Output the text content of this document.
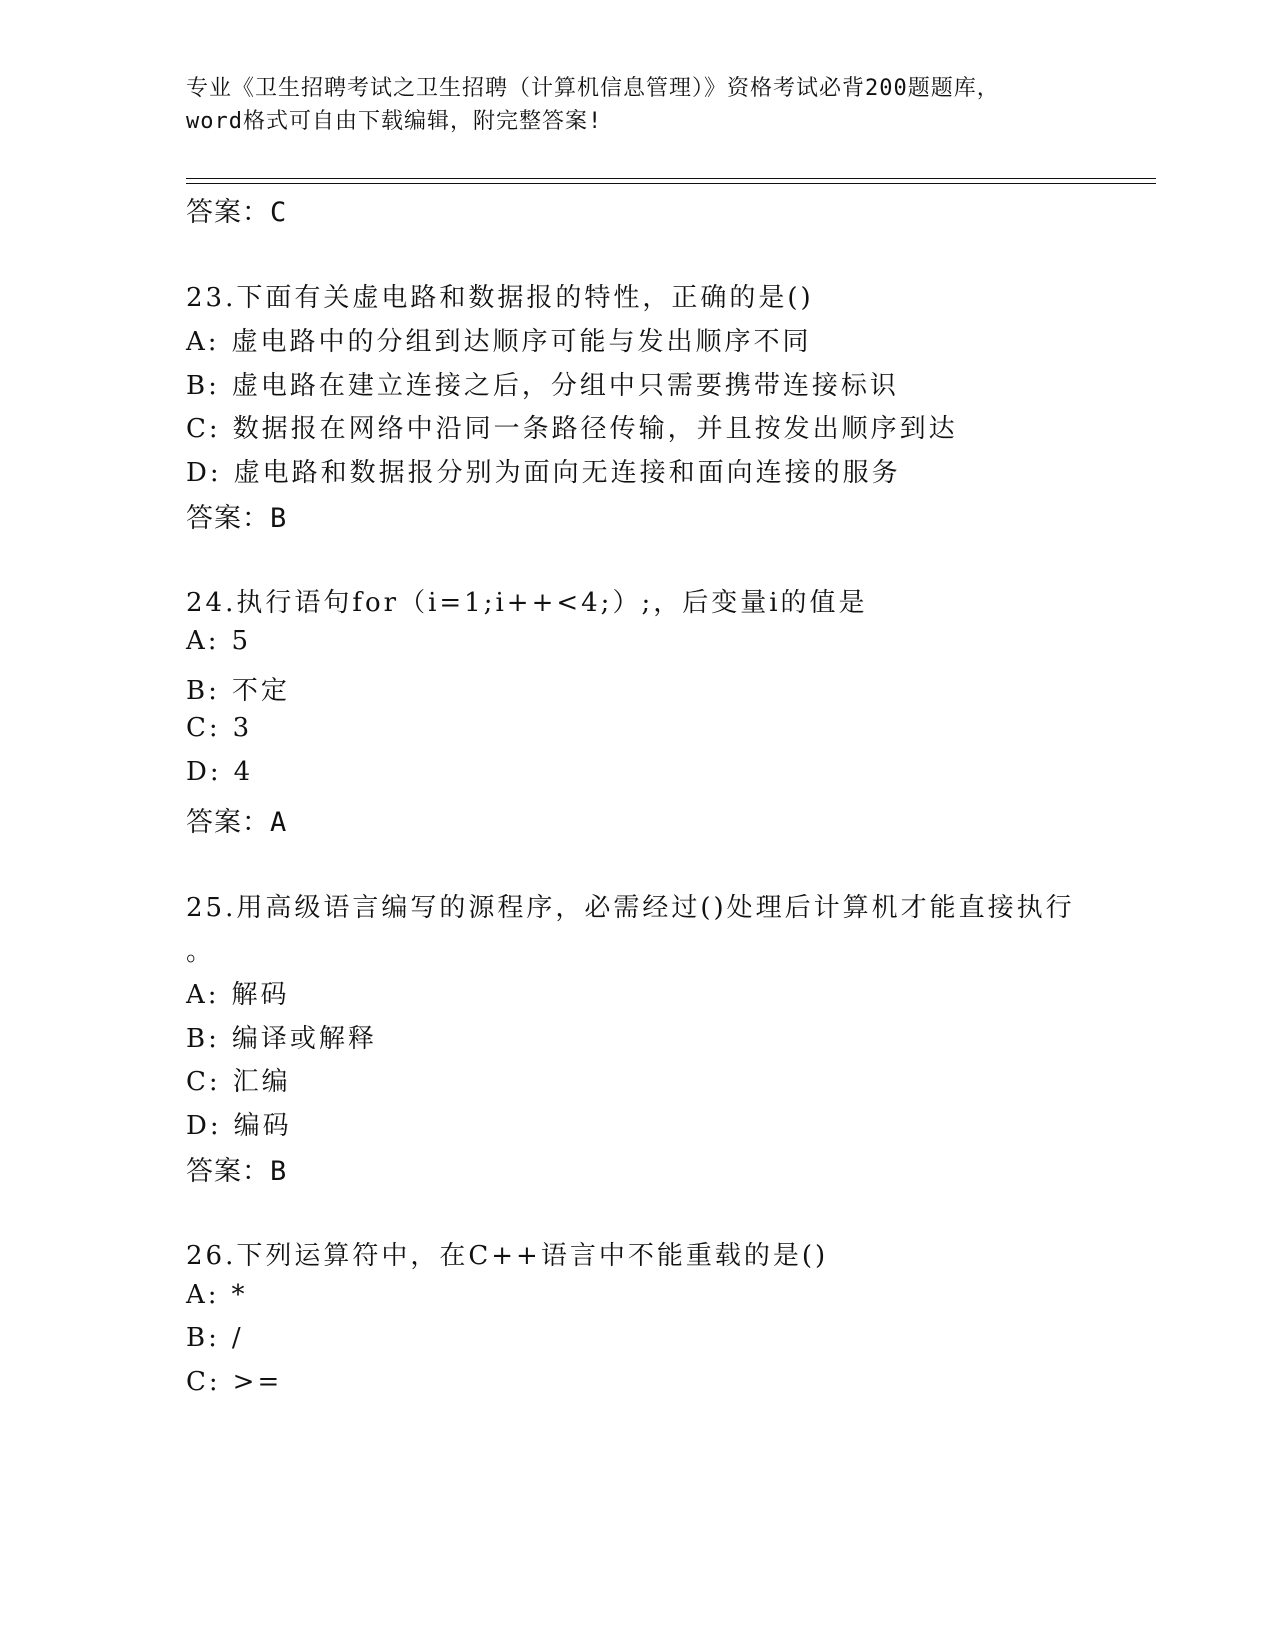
专业《卫生招聘考试之卫生招聘（计算机信息管理）》资格考试必背200题题库，
word格式可自由下载编辑，附完整答案!
答案：C
23 . 下面有关虚电路和数据报的特性，正确的是()
A : 虚电路中的分组到达顺序可能与发出顺序不同
B : 虚电路在建立连接之后，分组中只需要携带连接标识
C : 数据报在网络中沿同一条路径传输，并且按发出顺序到达
D : 虚电路和数据报分别为面向无连接和面向连接的服务
答案：B
24 . 执行语句for（i=1;i++<4;）;，后变量i的值是
A : 5
B : 不定
C : 3
D : 4
答案：A
25 . 用高级语言编写的源程序，必需经过()处理后计算机才能直接执行
。
A : 解码
B : 编译或解释
C : 汇编
D : 编码
答案：B
26 . 下列运算符中，在C++语言中不能重载的是()
A : *
B : /
C : >=
